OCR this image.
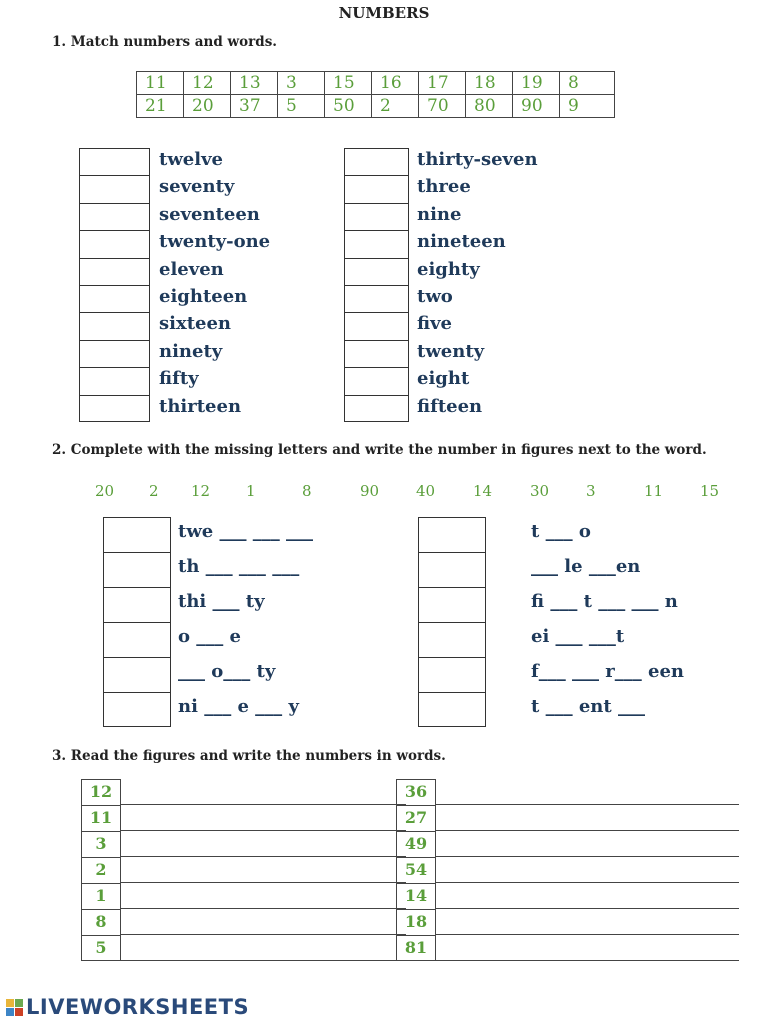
NUMBERS
1. Match numbers and words.
11	12	13	3	15	16	17	18	19	8
21	20	37	5	50	2	70	80	90	9
twelve
seventy
seventeen
twenty-one
eleven
eighteen
sixteen
ninety
fifty
thirteen
thirty-seven
three
nine
nineteen
eighty
two
five
twenty
eight
fifteen
2. Complete with the missing letters and write the number in figures next to the word.
20 2 12 1	8	90 40	14	30 3	11 15
twe ___ ___ ___
th ___ ___ ___
thi ___ ty
o ___ e
___ o___ ty
ni ___ e ___ y
t ___ o
___ le ___en
fi ___ t ___ ___ n
ei ___ ___t
f___ ___ r___ een
t ___ ent ___
3. Read the figures and write the numbers in words.
12
11
3
2
1
8
5
36
27
49
54
14
18
81
LIVEWORKSHEETS
